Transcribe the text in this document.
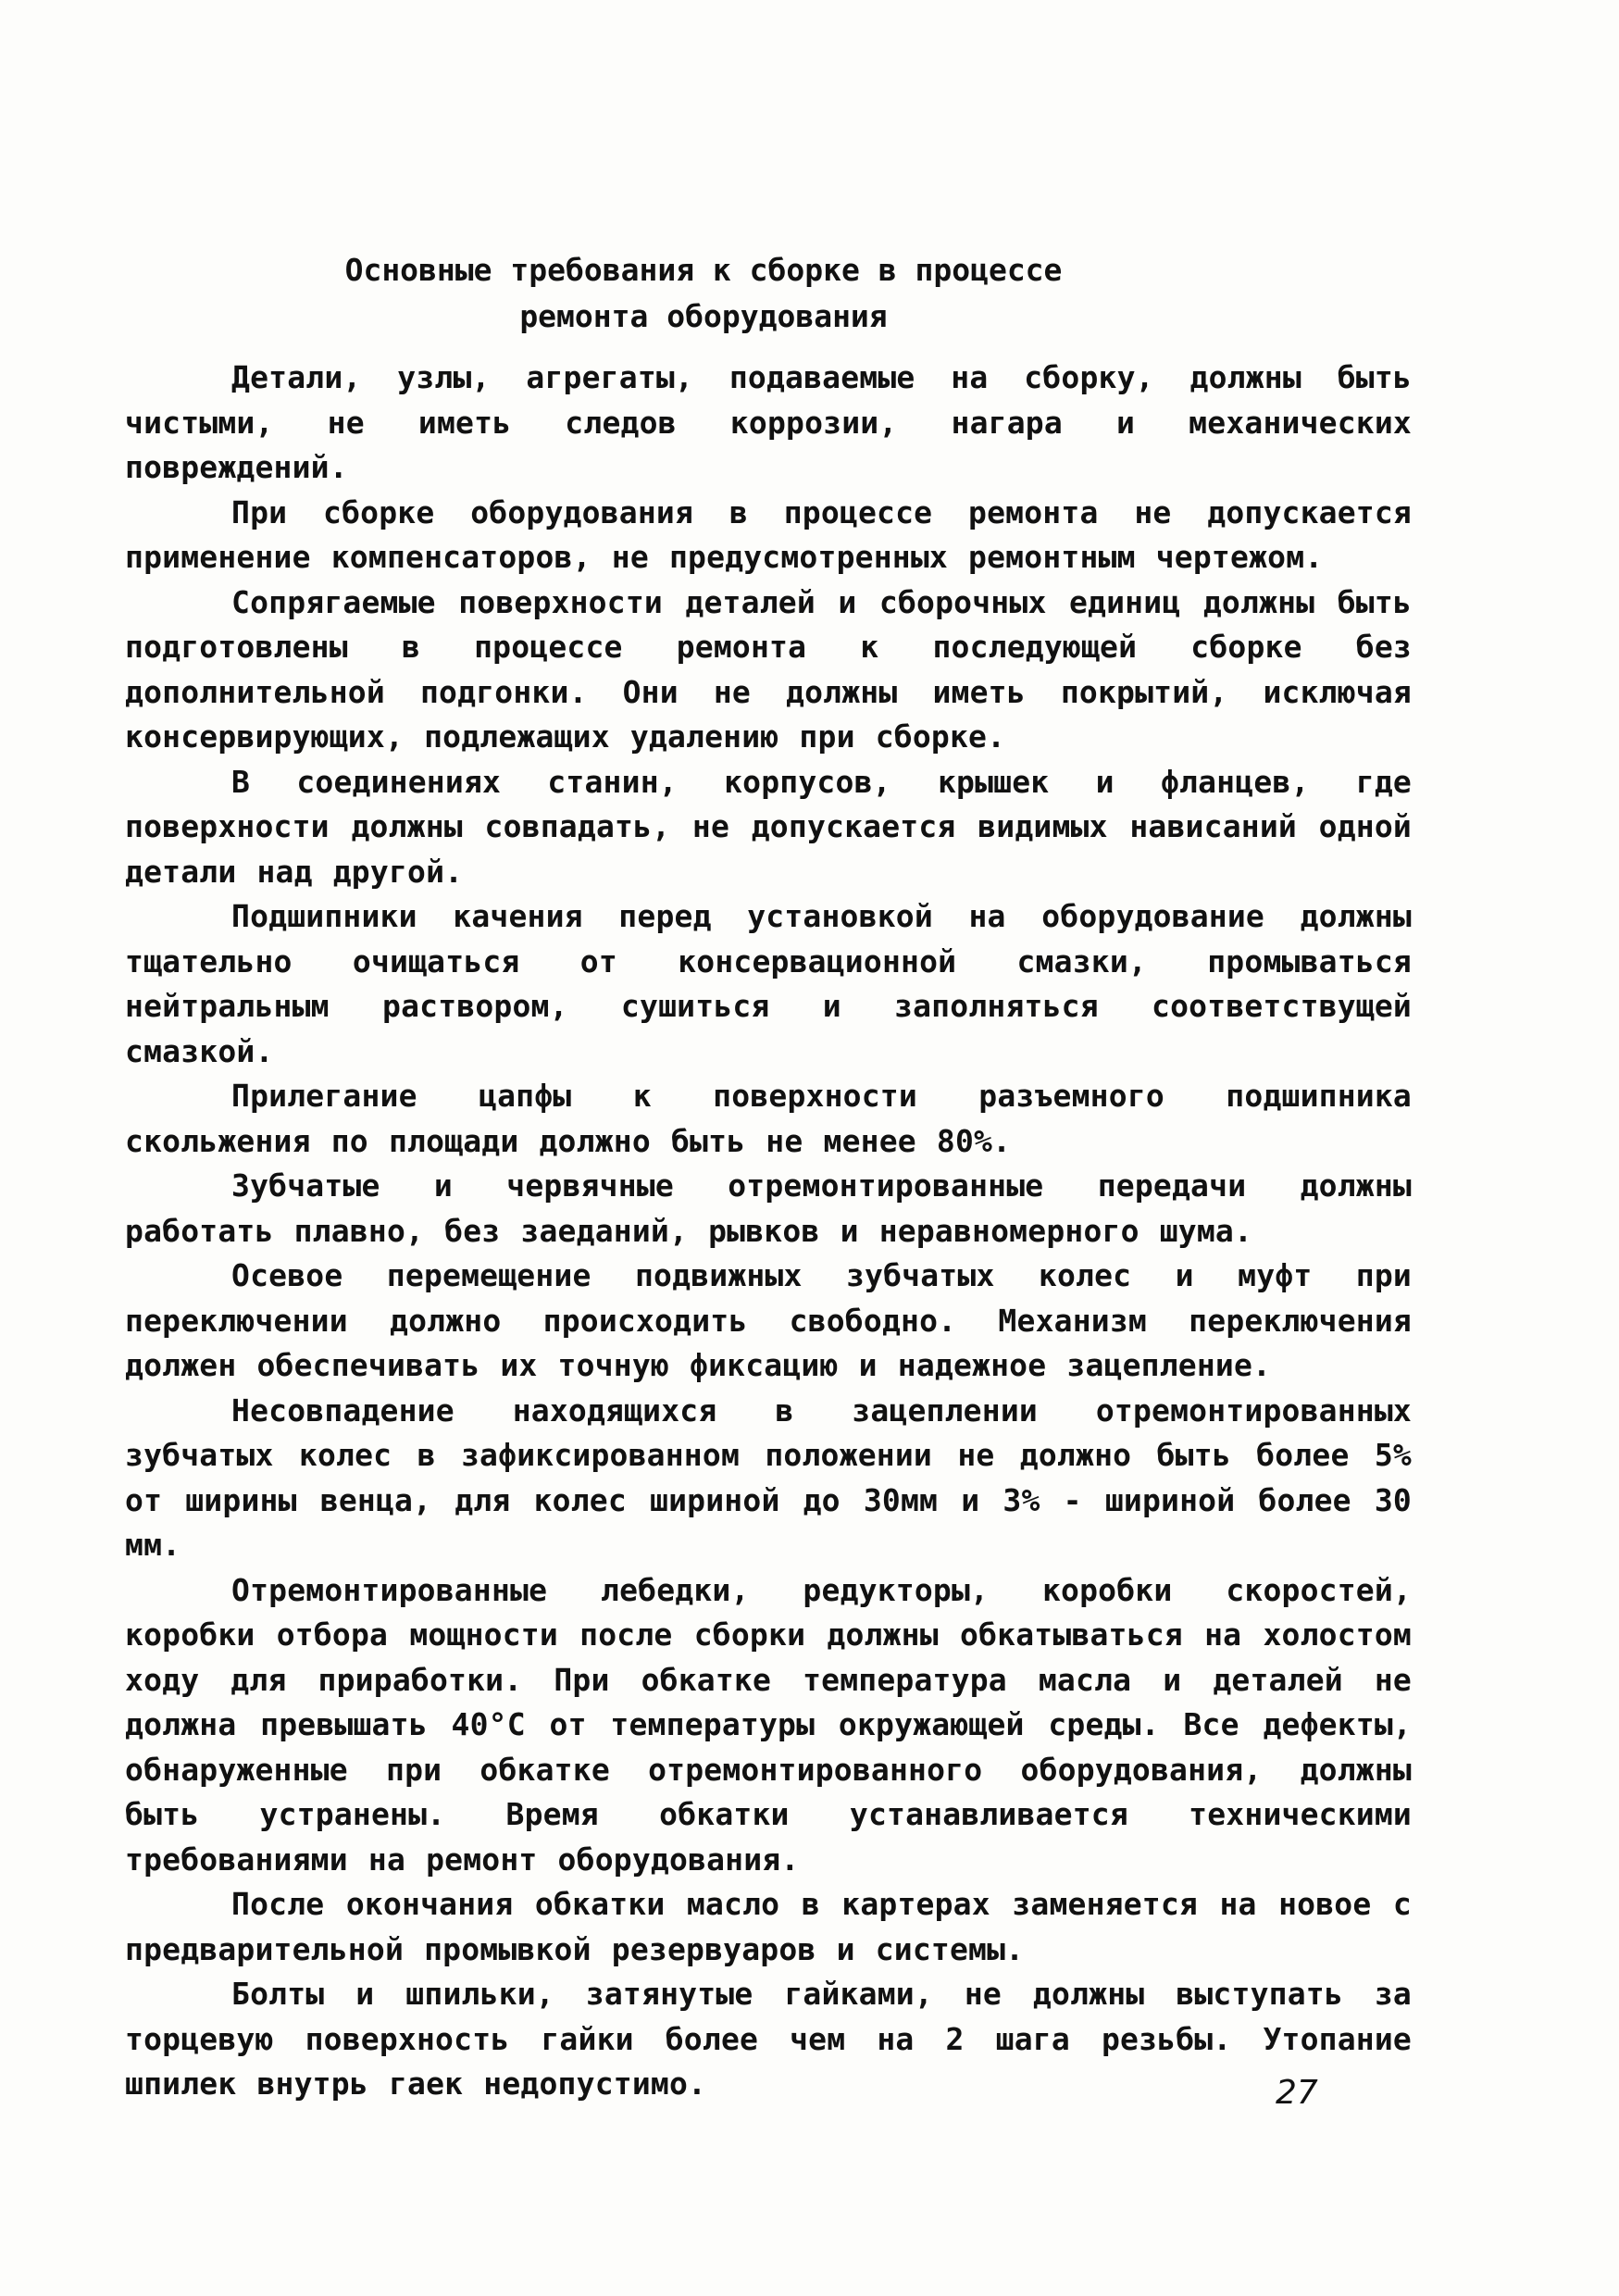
Основные требования к сборке в процессе
ремонта оборудования

Детали, узлы, агрегаты, подаваемые на сборку, должны быть чистыми, не иметь следов коррозии, нагара и механических повреждений.

При сборке оборудования в процессе ремонта не допускается применение компенсаторов, не предусмотренных ремонтным чертежом.

Сопрягаемые поверхности деталей и сборочных единиц должны быть подготовлены в процессе ремонта к последующей сборке без дополнительной подгонки. Они не должны иметь покрытий, исключая консервирующих, подлежащих удалению при сборке.

В соединениях станин, корпусов, крышек и фланцев, где поверхности должны совпадать, не допускается видимых нависаний одной детали над другой.

Подшипники качения перед установкой на оборудование должны тщательно очищаться от консервационной смазки, промываться нейтральным раствором, сушиться и заполняться соответствущей смазкой.

Прилегание цапфы к поверхности разъемного подшипника скольжения по площади должно быть не менее 80%.

Зубчатые и червячные отремонтированные передачи должны работать плавно, без заеданий, рывков и неравномерного шума.

Осевое перемещение подвижных зубчатых колес и муфт при переключении должно происходить свободно. Механизм переключения должен обеспечивать их точную фиксацию и надежное зацепление.

Несовпадение находящихся в зацеплении отремонтированных зубчатых колес в зафиксированном положении не должно быть более 5% от ширины венца, для колес шириной до 30мм и 3% - шириной более 30 мм.

Отремонтированные лебедки, редукторы, коробки скоростей, коробки отбора мощности после сборки должны обкатываться на холостом ходу для приработки. При обкатке температура масла и деталей не должна превышать 40°С от температуры окружающей среды. Все дефекты, обнаруженные при обкатке отремонтированного оборудования, должны быть устранены. Время обкатки устанавливается техническими требованиями на ремонт оборудования.

После окончания обкатки масло в картерах заменяется на новое с предварительной промывкой резервуаров и системы.

Болты и шпильки, затянутые гайками, не должны выступать за торцевую поверхность гайки более чем на 2 шага резьбы. Утопание шпилек внутрь гаек недопустимо.	27
